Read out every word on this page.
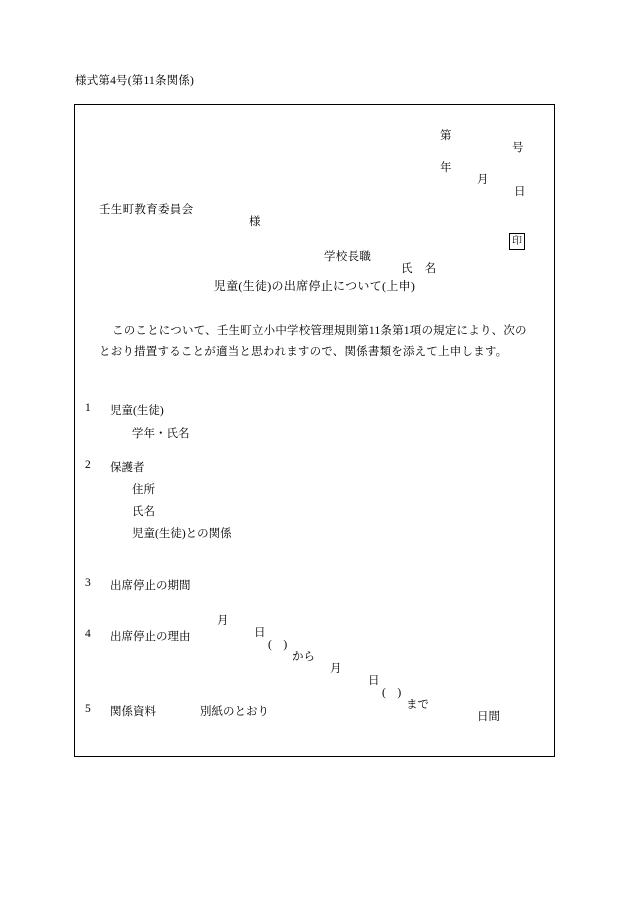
様式第4号(第11条関係)

第

号

年

月

日

壬生町教育委員会

様

学校長職

氏　名

印
児童(生徒)の出席停止について(上申)
このことについて、壬生町立小中学校管理規則第11条第1項の規定により、次のとおり措置することが適当と思われますので、関係書類を添えて上申します。
1 児童(生徒)
学年・氏名
2 保護者
住所
氏名
児童(生徒)との関係
3 出席停止の期間

月

日

(　)

から

月

日

(　)

まで

日間

4 出席停止の理由
5 関係資料	別紙のとおり
